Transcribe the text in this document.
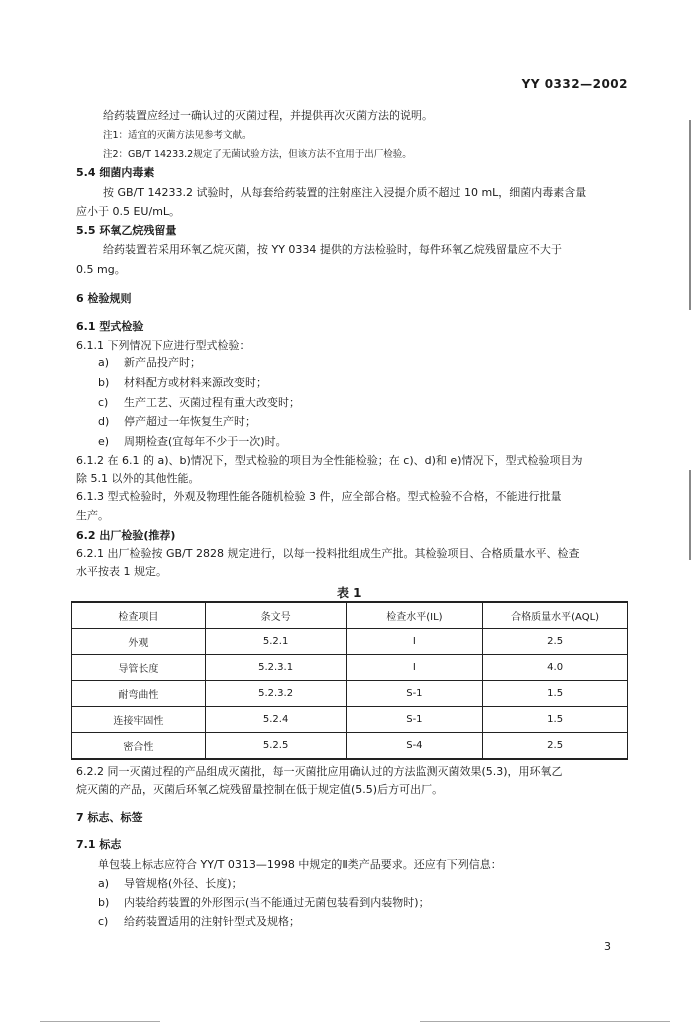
YY 0332—2002
给药装置应经过一确认过的灭菌过程，并提供再次灭菌方法的说明。
注1：适宜的灭菌方法见参考文献。
注2：GB/T 14233.2规定了无菌试验方法，但该方法不宜用于出厂检验。
5.4 细菌内毒素
按 GB/T 14233.2 试验时，从每套给药装置的注射座注入浸提介质不超过 10 mL，细菌内毒素含量
应小于 0.5 EU/mL。
5.5 环氧乙烷残留量
给药装置若采用环氧乙烷灭菌，按 YY 0334 提供的方法检验时，每件环氧乙烷残留量应不大于
0.5 mg。
6 检验规则
6.1 型式检验
6.1.1 下列情况下应进行型式检验：
a) 新产品投产时；
b) 材料配方或材料来源改变时；
c) 生产工艺、灭菌过程有重大改变时；
d) 停产超过一年恢复生产时；
e) 周期检查(宜每年不少于一次)时。
6.1.2 在 6.1 的 a)、b)情况下，型式检验的项目为全性能检验；在 c)、d)和 e)情况下，型式检验项目为
除 5.1 以外的其他性能。
6.1.3 型式检验时，外观及物理性能各随机检验 3 件，应全部合格。型式检验不合格，不能进行批量
生产。
6.2 出厂检验(推荐)
6.2.1 出厂检验按 GB/T 2828 规定进行，以每一投料批组成生产批。其检验项目、合格质量水平、检查
水平按表 1 规定。
表 1
检查项目	条文号	检查水平(IL)	合格质量水平(AQL)
外观	5.2.1	I	2.5
导管长度	5.2.3.1	I	4.0
耐弯曲性	5.2.3.2	S-1	1.5
连接牢固性	5.2.4	S-1	1.5
密合性	5.2.5	S-4	2.5
6.2.2 同一灭菌过程的产品组成灭菌批，每一灭菌批应用确认过的方法监测灭菌效果(5.3)，用环氧乙
烷灭菌的产品，灭菌后环氧乙烷残留量控制在低于规定值(5.5)后方可出厂。
7 标志、标签
7.1 标志
单包装上标志应符合 YY/T 0313—1998 中规定的Ⅱ类产品要求。还应有下列信息：
a) 导管规格(外径、长度)；
b) 内装给药装置的外形图示(当不能通过无菌包装看到内装物时)；
c) 给药装置适用的注射针型式及规格；
3
